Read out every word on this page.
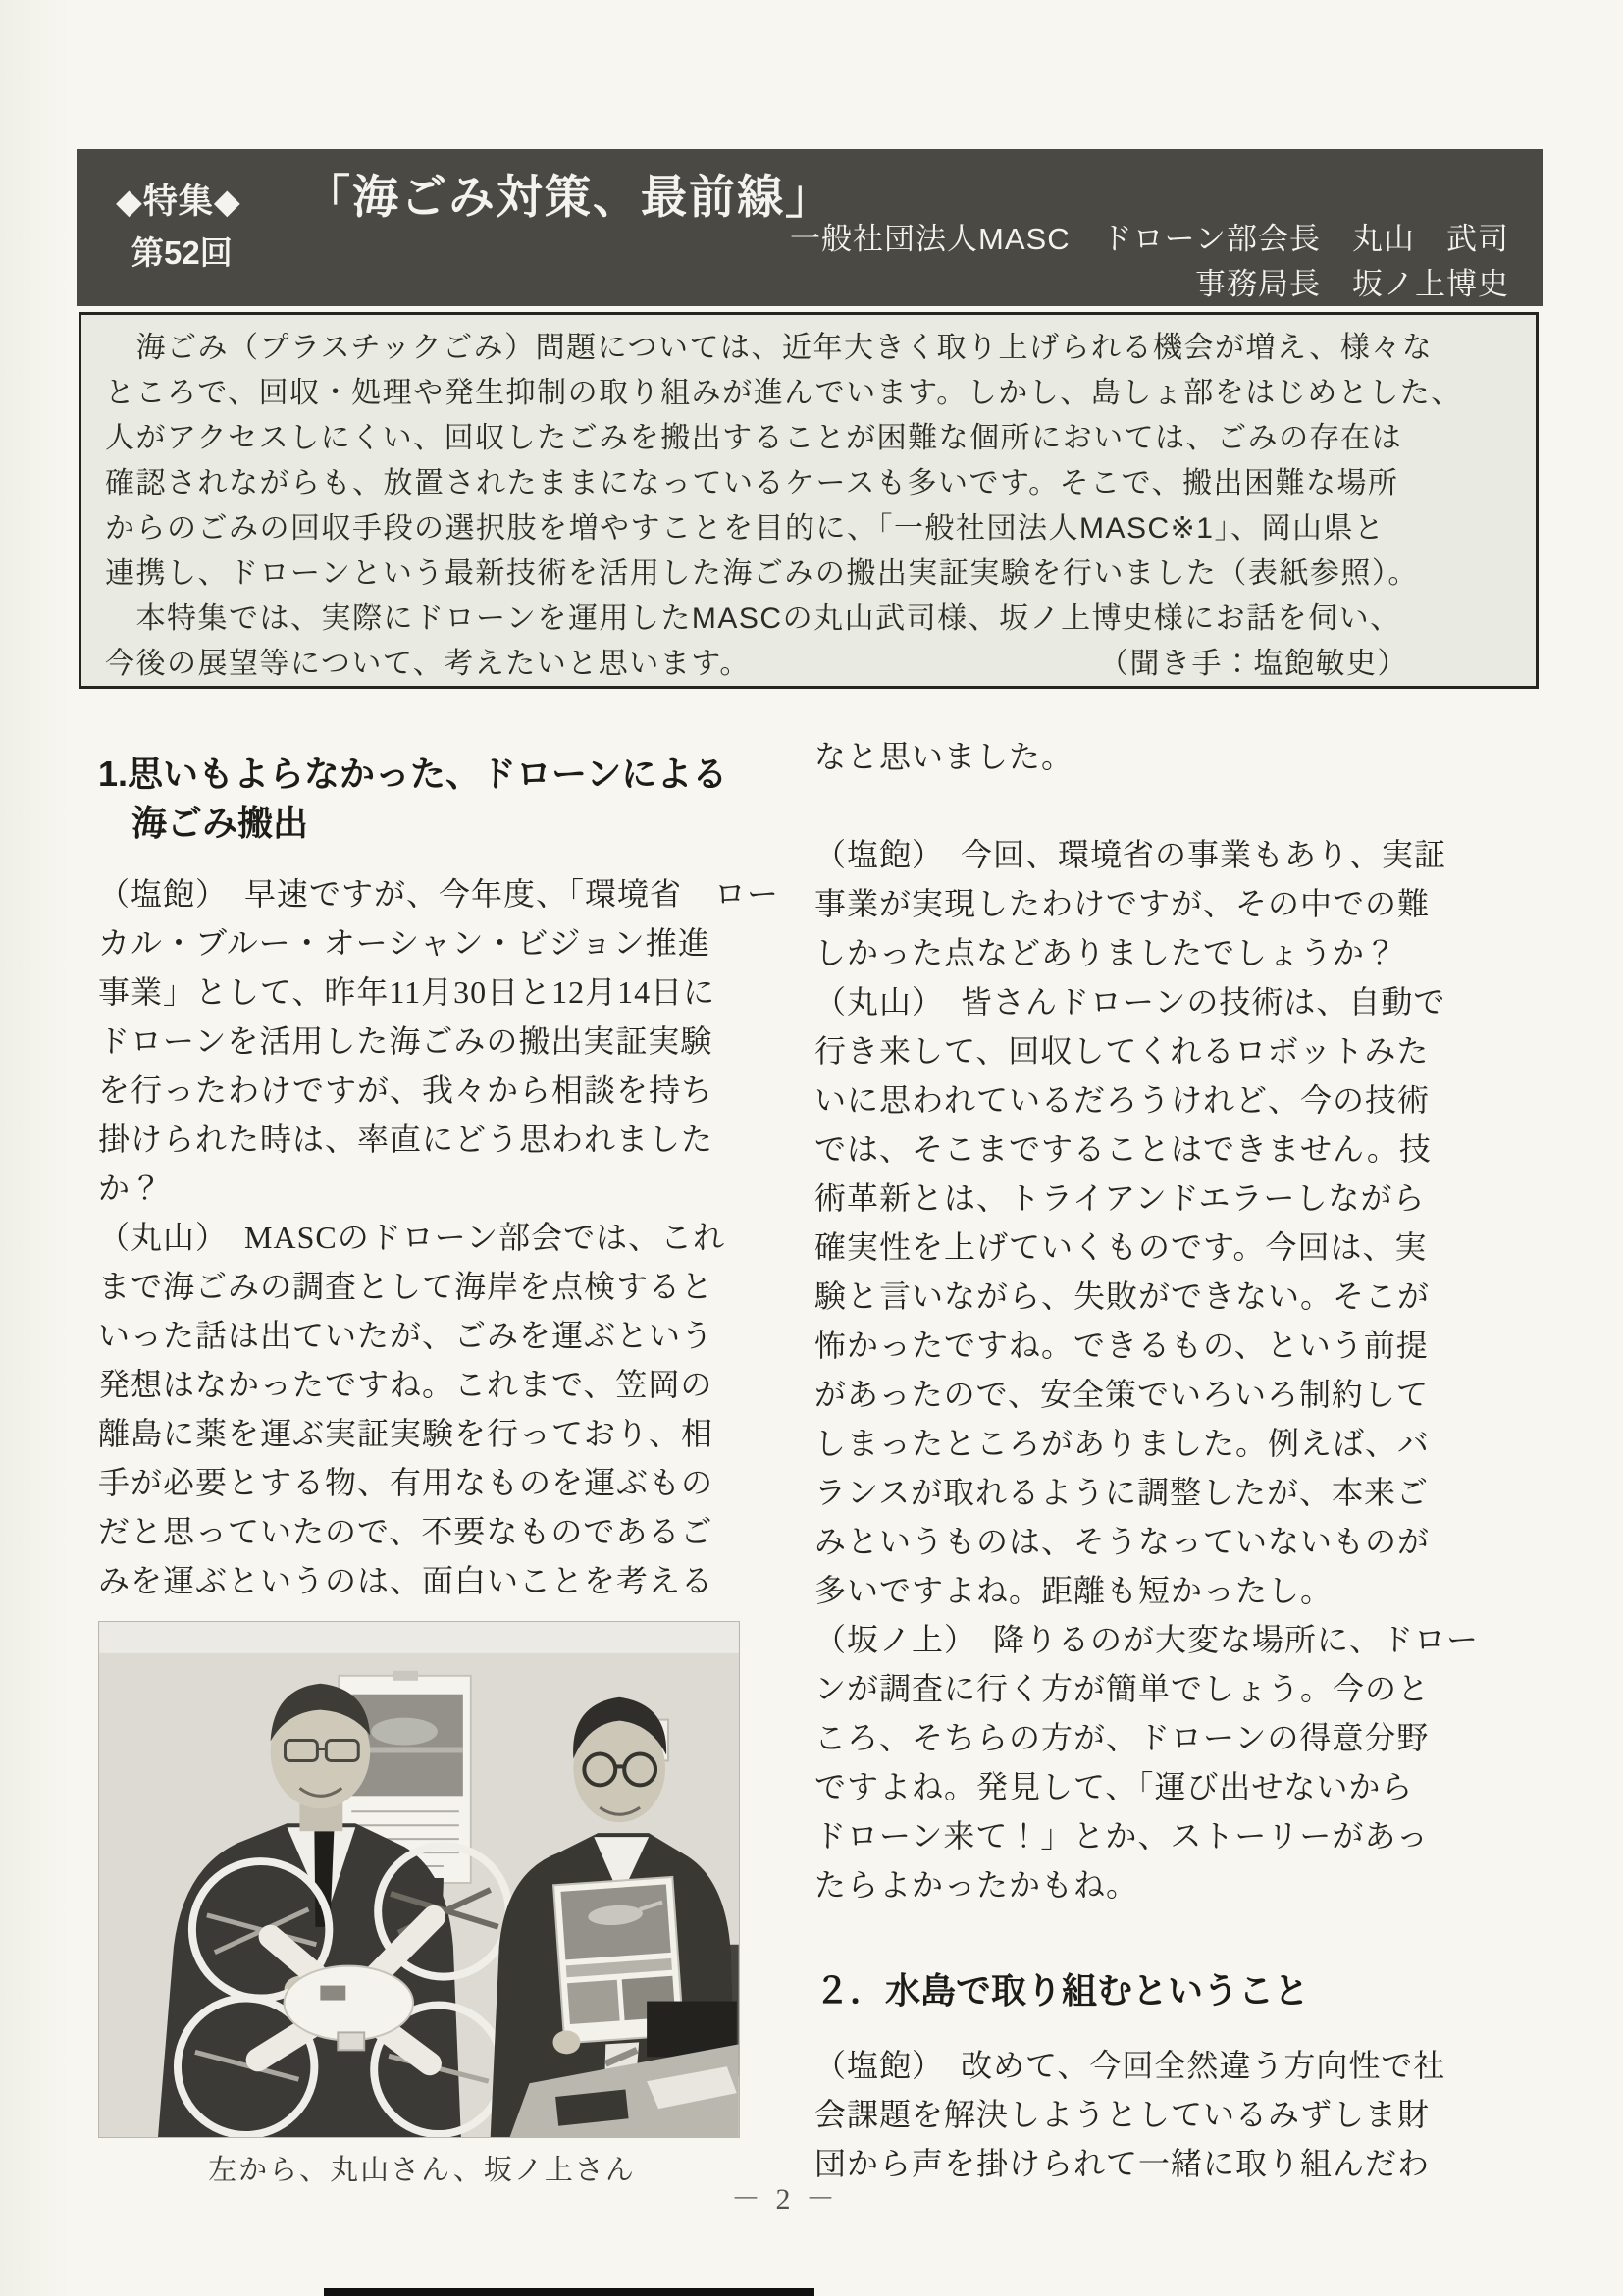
◆特集◆
第52回
「海ごみ対策、最前線」
一般社団法人MASC　ドローン部会長　丸山　武司
事務局長　坂ノ上博史
　海ごみ（プラスチックごみ）問題については、近年大きく取り上げられる機会が増え、様々な
ところで、回収・処理や発生抑制の取り組みが進んでいます。しかし、島しょ部をはじめとした、
人がアクセスしにくい、回収したごみを搬出することが困難な個所においては、ごみの存在は
確認されながらも、放置されたままになっているケースも多いです。そこで、搬出困難な場所
からのごみの回収手段の選択肢を増やすことを目的に、「一般社団法人MASC※1」、岡山県と
連携し、ドローンという最新技術を活用した海ごみの搬出実証実験を行いました（表紙参照）。
　本特集では、実際にドローンを運用したMASCの丸山武司様、坂ノ上博史様にお話を伺い、
今後の展望等について、考えたいと思います。	（聞き手：塩飽敏史）
1.思いもよらなかった、ドローンによる
海ごみ搬出
（塩飽）　早速ですが、今年度、「環境省　ロー
カル・ブルー・オーシャン・ビジョン推進
事業」として、昨年11月30日と12月14日に
ドローンを活用した海ごみの搬出実証実験
を行ったわけですが、我々から相談を持ち
掛けられた時は、率直にどう思われました
か？
（丸山）　MASCのドローン部会では、これ
まで海ごみの調査として海岸を点検すると
いった話は出ていたが、ごみを運ぶという
発想はなかったですね。これまで、笠岡の
離島に薬を運ぶ実証実験を行っており、相
手が必要とする物、有用なものを運ぶもの
だと思っていたので、不要なものであるご
みを運ぶというのは、面白いことを考える
左から、丸山さん、坂ノ上さん
なと思いました。
（塩飽）　今回、環境省の事業もあり、実証
事業が実現したわけですが、その中での難
しかった点などありましたでしょうか？
（丸山）　皆さんドローンの技術は、自動で
行き来して、回収してくれるロボットみた
いに思われているだろうけれど、今の技術
では、そこまですることはできません。技
術革新とは、トライアンドエラーしながら
確実性を上げていくものです。今回は、実
験と言いながら、失敗ができない。そこが
怖かったですね。できるもの、という前提
があったので、安全策でいろいろ制約して
しまったところがありました。例えば、バ
ランスが取れるように調整したが、本来ご
みというものは、そうなっていないものが
多いですよね。距離も短かったし。
（坂ノ上）　降りるのが大変な場所に、ドロー
ンが調査に行く方が簡単でしょう。今のと
ころ、そちらの方が、ドローンの得意分野
ですよね。発見して、「運び出せないから
ドローン来て！」とか、ストーリーがあっ
たらよかったかもね。
２．水島で取り組むということ
（塩飽）　改めて、今回全然違う方向性で社
会課題を解決しようとしているみずしま財
団から声を掛けられて一緒に取り組んだわ
－ 2 －
